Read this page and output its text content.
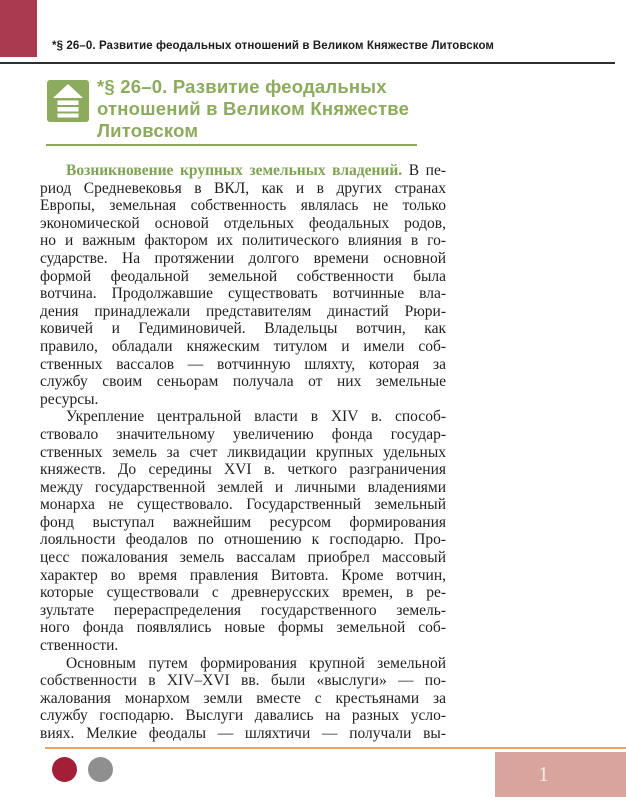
*§ 26–0. Развитие феодальных отношений в Великом Княжестве Литовском
*§ 26–0. Развитие феодальных
отношений в Великом Княжестве
Литовском
Возникновение крупных земельных владений. В пе-
риод Средневековья в ВКЛ, как и в других странах
Европы, земельная собственность являлась не только
экономической основой отдельных феодальных родов,
но и важным фактором их политического влияния в го-
сударстве. На протяжении долгого времени основной
формой феодальной земельной собственности была
вотчина. Продолжавшие существовать вотчинные вла-
дения принадлежали представителям династий Рюри-
ковичей и Гедиминовичей. Владельцы вотчин, как
правило, обладали княжеским титулом и имели соб-
ственных вассалов — вотчинную шляхту, которая за
службу своим сеньорам получала от них земельные
ресурсы.
Укрепление центральной власти в XIV в. способ-
ствовало значительному увеличению фонда государ-
ственных земель за счет ликвидации крупных удельных
княжеств. До середины XVI в. четкого разграничения
между государственной землей и личными владениями
монарха не существовало. Государственный земельный
фонд выступал важнейшим ресурсом формирования
лояльности феодалов по отношению к господарю. Про-
цесс пожалования земель вассалам приобрел массовый
характер во время правления Витовта. Кроме вотчин,
которые существовали с древнерусских времен, в ре-
зультате перераспределения государственного земель-
ного фонда появлялись новые формы земельной соб-
ственности.
Основным путем формирования крупной земельной
собственности в XIV–XVI вв. были «выслуги» — по-
жалования монархом земли вместе с крестьянами за
службу господарю. Выслуги давались на разных усло-
виях. Мелкие феодалы — шляхтичи — получали вы-
1
